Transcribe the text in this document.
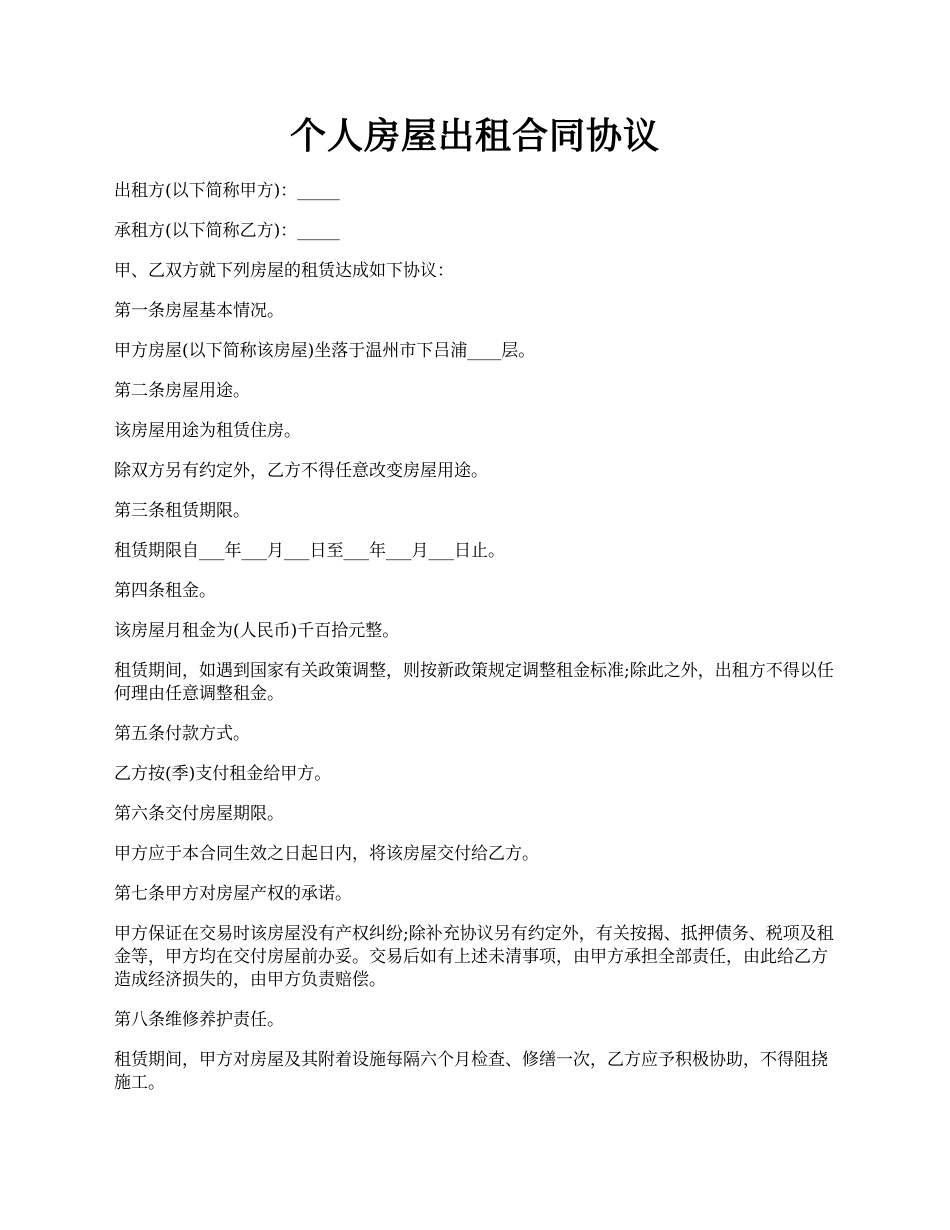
个人房屋出租合同协议

出租方(以下简称甲方)：_____

承租方(以下简称乙方)：_____

甲、乙双方就下列房屋的租赁达成如下协议：

第一条房屋基本情况。

甲方房屋(以下简称该房屋)坐落于温州市下吕浦____层。

第二条房屋用途。

该房屋用途为租赁住房。

除双方另有约定外，乙方不得任意改变房屋用途。

第三条租赁期限。

租赁期限自___年___月___日至___年___月___日止。

第四条租金。

该房屋月租金为(人民币)千百拾元整。

租赁期间，如遇到国家有关政策调整，则按新政策规定调整租金标准;除此之外，出租方不得以任何理由任意调整租金。

第五条付款方式。

乙方按(季)支付租金给甲方。

第六条交付房屋期限。

甲方应于本合同生效之日起日内，将该房屋交付给乙方。

第七条甲方对房屋产权的承诺。

甲方保证在交易时该房屋没有产权纠纷;除补充协议另有约定外，有关按揭、抵押债务、税项及租金等，甲方均在交付房屋前办妥。交易后如有上述未清事项，由甲方承担全部责任，由此给乙方造成经济损失的，由甲方负责赔偿。

第八条维修养护责任。

租赁期间，甲方对房屋及其附着设施每隔六个月检查、修缮一次，乙方应予积极协助，不得阻挠施工。
